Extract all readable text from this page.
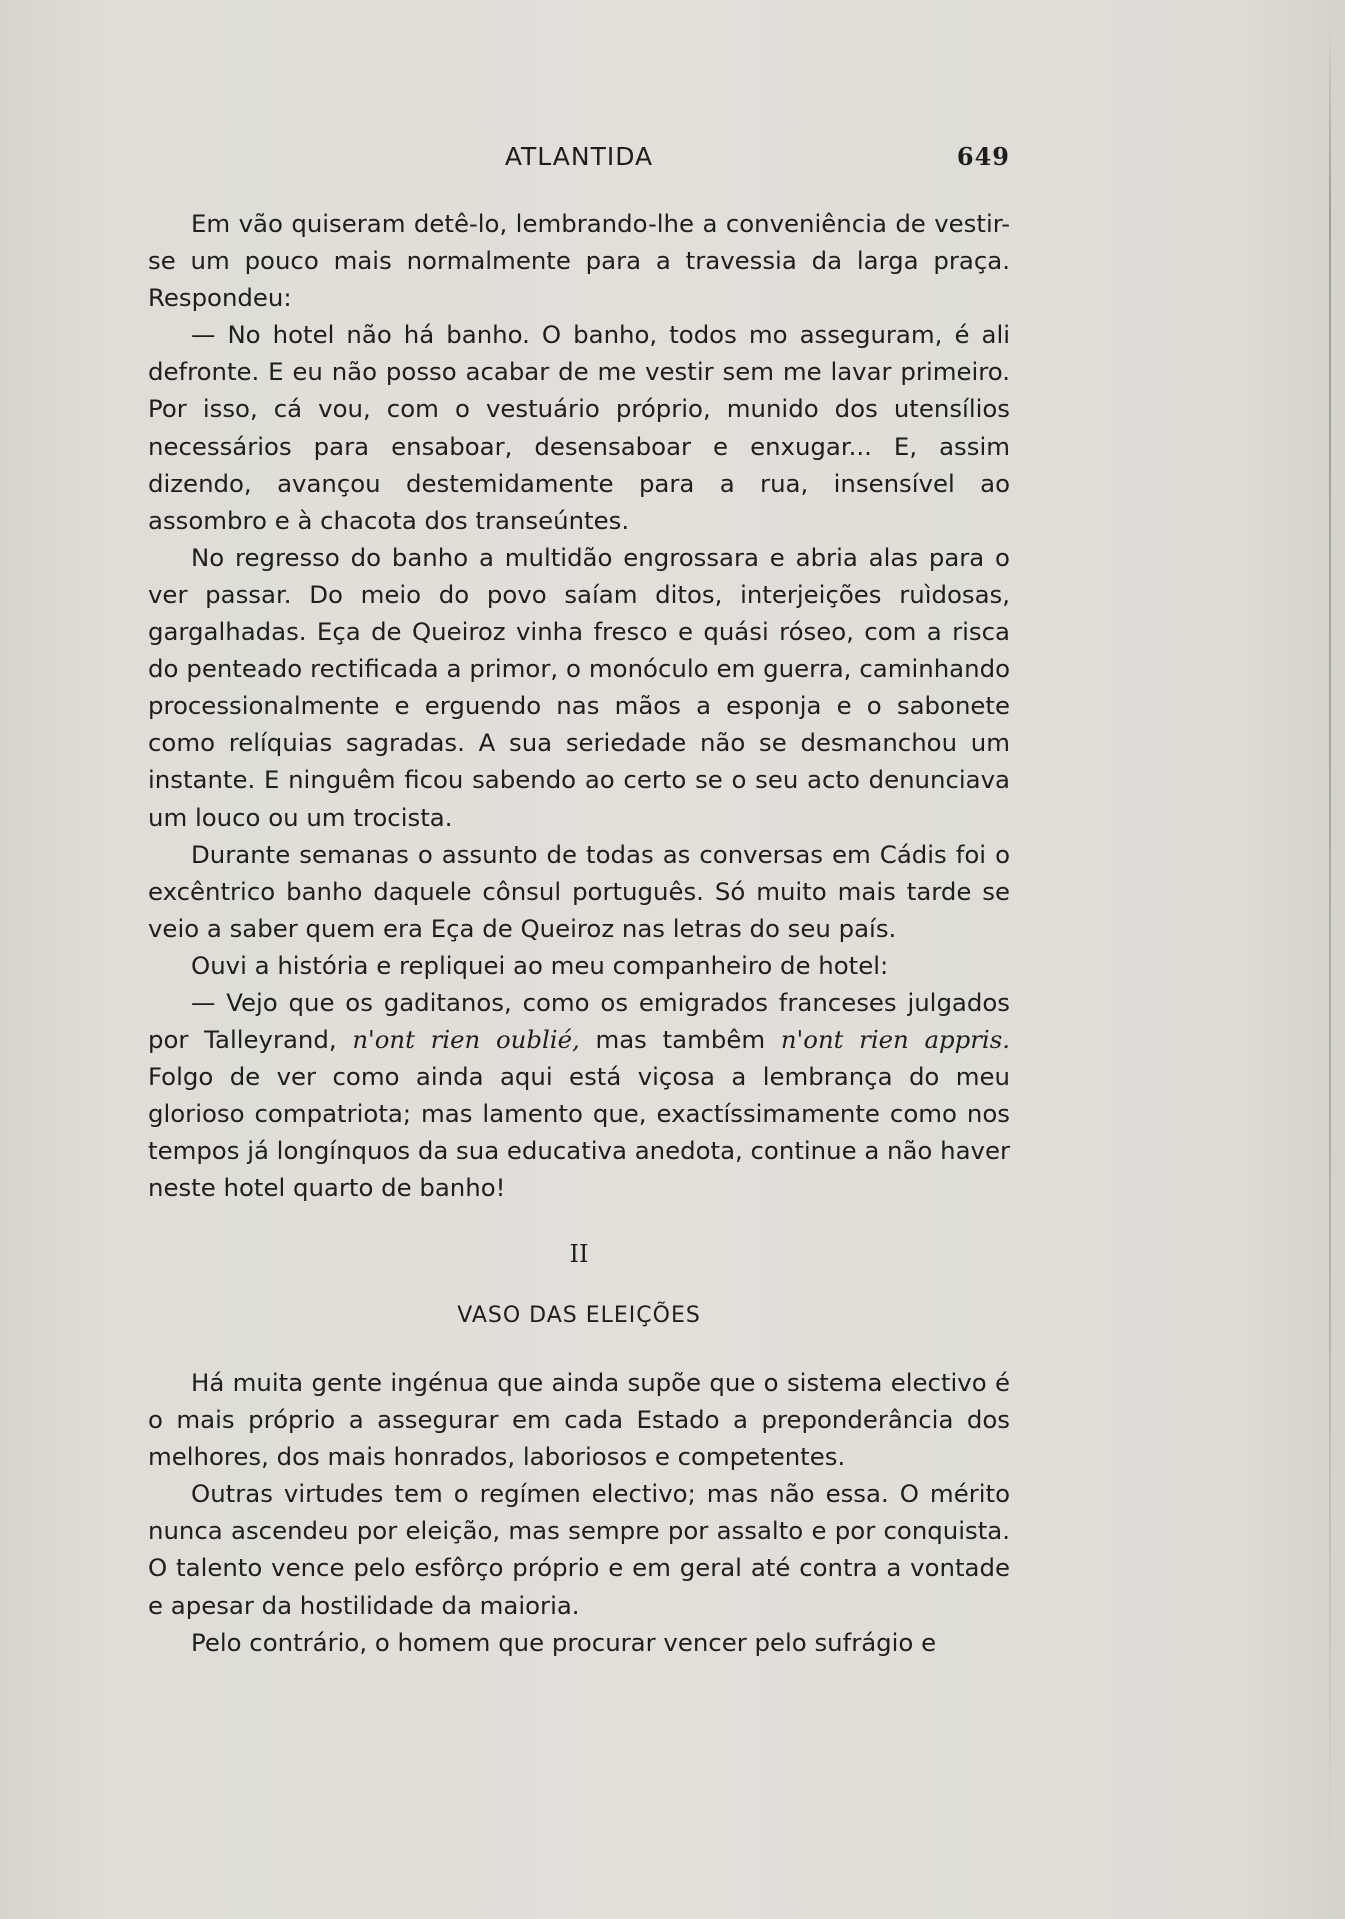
ATLANTIDA	649

Em vão quiseram detê-lo, lembrando-lhe a conveniência de vestir-se um pouco mais normalmente para a travessia da larga praça. Respondeu:

— No hotel não há banho. O banho, todos mo asseguram, é ali defronte. E eu não posso acabar de me vestir sem me lavar primeiro. Por isso, cá vou, com o vestuário próprio, munido dos utensílios necessários para ensaboar, desensaboar e enxugar... E, assim dizendo, avançou destemidamente para a rua, insensível ao assombro e à chacota dos transeúntes.

No regresso do banho a multidão engrossara e abria alas para o ver passar. Do meio do povo saíam ditos, interjeições ruìdosas, gargalhadas. Eça de Queiroz vinha fresco e quási róseo, com a risca do penteado rectificada a primor, o monóculo em guerra, caminhando processionalmente e erguendo nas mãos a esponja e o sabonete como relíquias sagradas. A sua seriedade não se desmanchou um instante. E ninguêm ficou sabendo ao certo se o seu acto denunciava um louco ou um trocista.

Durante semanas o assunto de todas as conversas em Cádis foi o excêntrico banho daquele cônsul português. Só muito mais tarde se veio a saber quem era Eça de Queiroz nas letras do seu país.

Ouvi a história e repliquei ao meu companheiro de hotel:

— Vejo que os gaditanos, como os emigrados franceses julgados por Talleyrand, n'ont rien oublié, mas tambêm n'ont rien appris. Folgo de ver como ainda aqui está viçosa a lembrança do meu glorioso compatriota; mas lamento que, exactíssimamente como nos tempos já longínquos da sua educativa anedota, continue a não haver neste hotel quarto de banho!

II
VASO DAS ELEIÇÕES

Há muita gente ingénua que ainda supõe que o sistema electivo é o mais próprio a assegurar em cada Estado a preponderância dos melhores, dos mais honrados, laboriosos e competentes.

Outras virtudes tem o regímen electivo; mas não essa. O mérito nunca ascendeu por eleição, mas sempre por assalto e por conquista. O talento vence pelo esfôrço próprio e em geral até contra a vontade e apesar da hostilidade da maioria.

Pelo contrário, o homem que procurar vencer pelo sufrágio e
